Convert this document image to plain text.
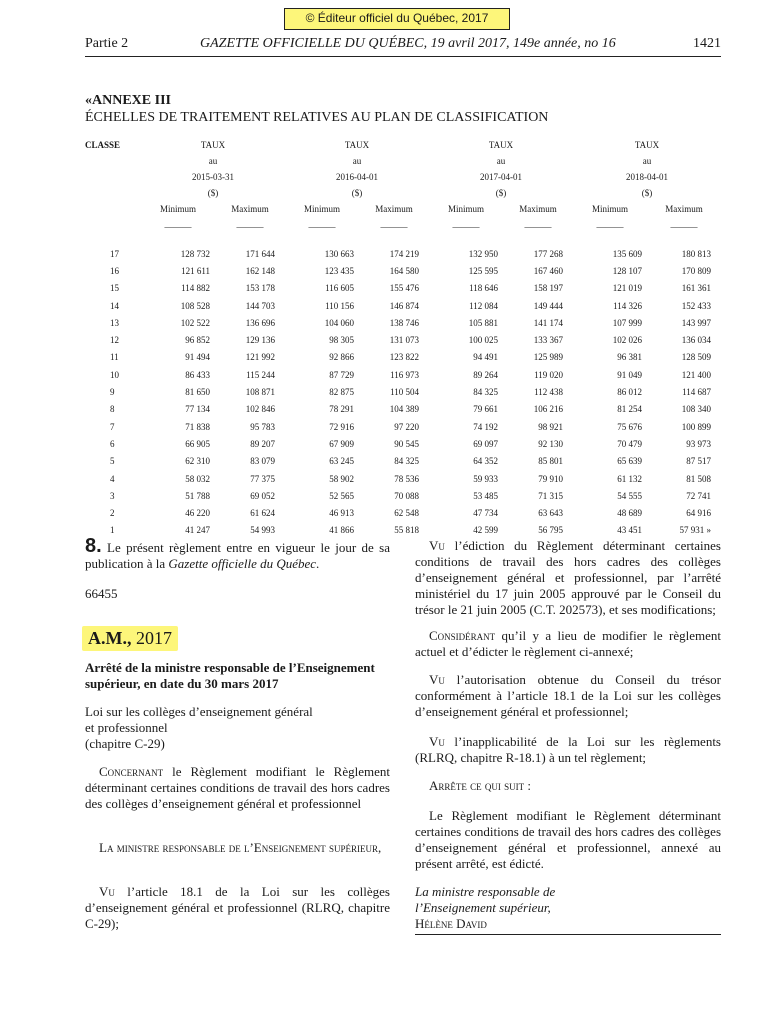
© Éditeur officiel du Québec, 2017
Partie 2	GAZETTE OFFICIELLE DU QUÉBEC, 19 avril 2017, 149e année, no 16	1421
«ANNEXE III
ÉCHELLES DE TRAITEMENT RELATIVES AU PLAN DE CLASSIFICATION
CLASSE	TAUX		TAUX		TAUX		TAUX	
	au		au		au		au	
	2015-03-31		2016-04-01		2017-04-01		2018-04-01	
	($)		($)		($)		($)	
	Minimum	Maximum	Minimum	Maximum	Minimum	Maximum	Minimum	Maximum
	———	———	———	———	———	———	———	———

17	128 732	171 644	130 663	174 219	132 950	177 268	135 609	180 813
16	121 611	162 148	123 435	164 580	125 595	167 460	128 107	170 809
15	114 882	153 178	116 605	155 476	118 646	158 197	121 019	161 361
14	108 528	144 703	110 156	146 874	112 084	149 444	114 326	152 433
13	102 522	136 696	104 060	138 746	105 881	141 174	107 999	143 997
12	96 852	129 136	98 305	131 073	100 025	133 367	102 026	136 034
11	91 494	121 992	92 866	123 822	94 491	125 989	96 381	128 509
10	86 433	115 244	87 729	116 973	89 264	119 020	91 049	121 400
9	81 650	108 871	82 875	110 504	84 325	112 438	86 012	114 687
8	77 134	102 846	78 291	104 389	79 661	106 216	81 254	108 340
7	71 838	95 783	72 916	97 220	74 192	98 921	75 676	100 899
6	66 905	89 207	67 909	90 545	69 097	92 130	70 479	93 973
5	62 310	83 079	63 245	84 325	64 352	85 801	65 639	87 517
4	58 032	77 375	58 902	78 536	59 933	79 910	61 132	81 508
3	51 788	69 052	52 565	70 088	53 485	71 315	54 555	72 741
2	46 220	61 624	46 913	62 548	47 734	63 643	48 689	64 916
1	41 247	54 993	41 866	55 818	42 599	56 795	43 451	57 931 »

8. Le présent règlement entre en vigueur le jour de sa publication à la Gazette officielle du Québec.

66455
A.M., 2017
Arrêté de la ministre responsable de l’Enseignement supérieur, en date du 30 mars 2017
Loi sur les collèges d’enseignement général
et professionnel
(chapitre C-29)

Concernant le Règlement modifiant le Règlement déterminant certaines conditions de travail des hors cadres des collèges d’enseignement général et professionnel

La ministre responsable de l’Enseignement supérieur,

Vu l’article 18.1 de la Loi sur les collèges d’enseignement général et professionnel (RLRQ, chapitre C-29);

Vu l’édiction du Règlement déterminant certaines conditions de travail des hors cadres des collèges d’enseignement général et professionnel, par l’arrêté ministériel du 17 juin 2005 approuvé par le Conseil du trésor le 21 juin 2005 (C.T. 202573), et ses modifications;

Considérant qu’il y a lieu de modifier le règlement actuel et d’édicter le règlement ci-annexé;

Vu l’autorisation obtenue du Conseil du trésor conformément à l’article 18.1 de la Loi sur les collèges d’enseignement général et professionnel;

Vu l’inapplicabilité de la Loi sur les règlements (RLRQ, chapitre R-18.1) à un tel règlement;

Arrête ce qui suit :

Le Règlement modifiant le Règlement déterminant certaines conditions de travail des hors cadres des collèges d’enseignement général et professionnel, annexé au présent arrêté, est édicté.

La ministre responsable de
l’Enseignement supérieur,
Hélène David
